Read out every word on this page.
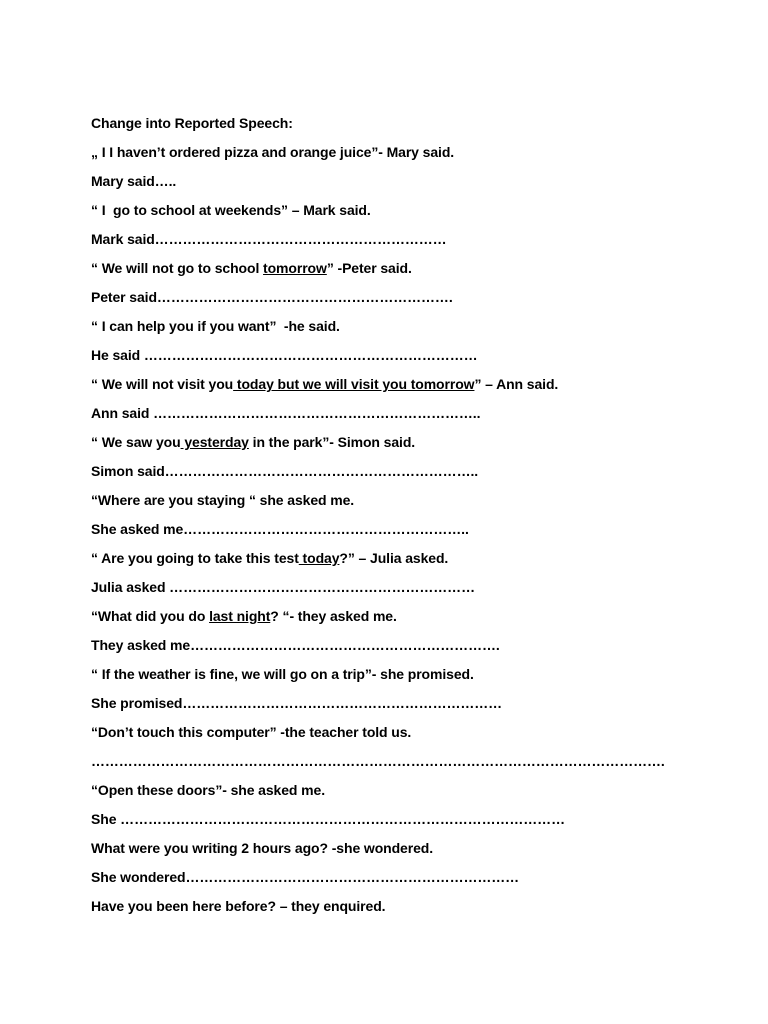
Change into Reported Speech:
„ I I haven’t ordered pizza and orange juice”- Mary said.
Mary said…..
“ I  go to school at weekends” – Mark said.
Mark said………………………………………………………
“ We will not go to school tomorrow” -Peter said.
Peter said……………………………………………………….
“ I can help you if you want”  -he said.
He said ………………………………………………………………
“ We will not visit you today but we will visit you tomorrow” – Ann said.
Ann said ……………………………………………………………..
“ We saw you yesterday in the park”- Simon said.
Simon said…………………………………………………………..
“Where are you staying “ she asked me.
She asked me……………………………………………………..
“ Are you going to take this test today?” – Julia asked.
Julia asked …………………………………………………………
“What did you do last night? “- they asked me.
They asked me………………………………………………………….
“ If the weather is fine, we will go on a trip”- she promised.
She promised……………………………………………………………
“Don’t touch this computer” -the teacher told us.
…………………………………………………………………………………………………………….
“Open these doors”- she asked me.
She ……………………………………………………………………………………
What were you writing 2 hours ago? -she wondered.
She wondered………………………………………………………………
Have you been here before? – they enquired.
